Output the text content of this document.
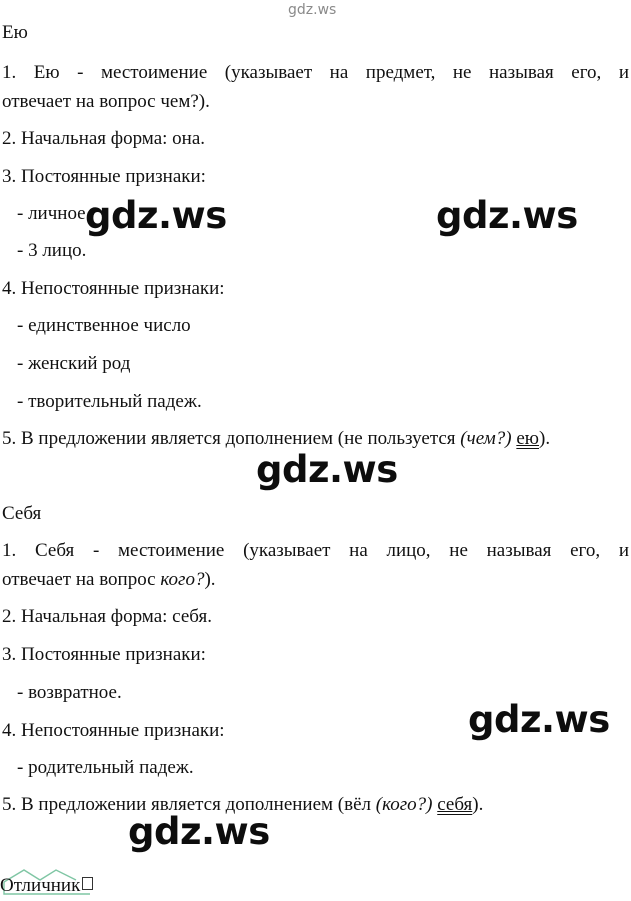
gdz.ws
Ею
1. Ею - местоимение (указывает на предмет, не называя его, и
отвечает на вопрос чем?).
2. Начальная форма: она.
3. Постоянные признаки:
- личное
- 3 лицо.
4. Непостоянные признаки:
- единственное число
- женский род
- творительный падеж.
5. В предложении является дополнением (не пользуется (чем?) ею).
Себя
1. Себя - местоимение (указывает на лицо, не называя его, и
отвечает на вопрос кого?).
2. Начальная форма: себя.
3. Постоянные признаки:
- возвратное.
4. Непостоянные признаки:
- родительный падеж.
5. В предложении является дополнением (вёл (кого?) себя).
gdz.ws	gdz.ws
gdz.ws
gdz.ws
gdz.ws
Отличник
